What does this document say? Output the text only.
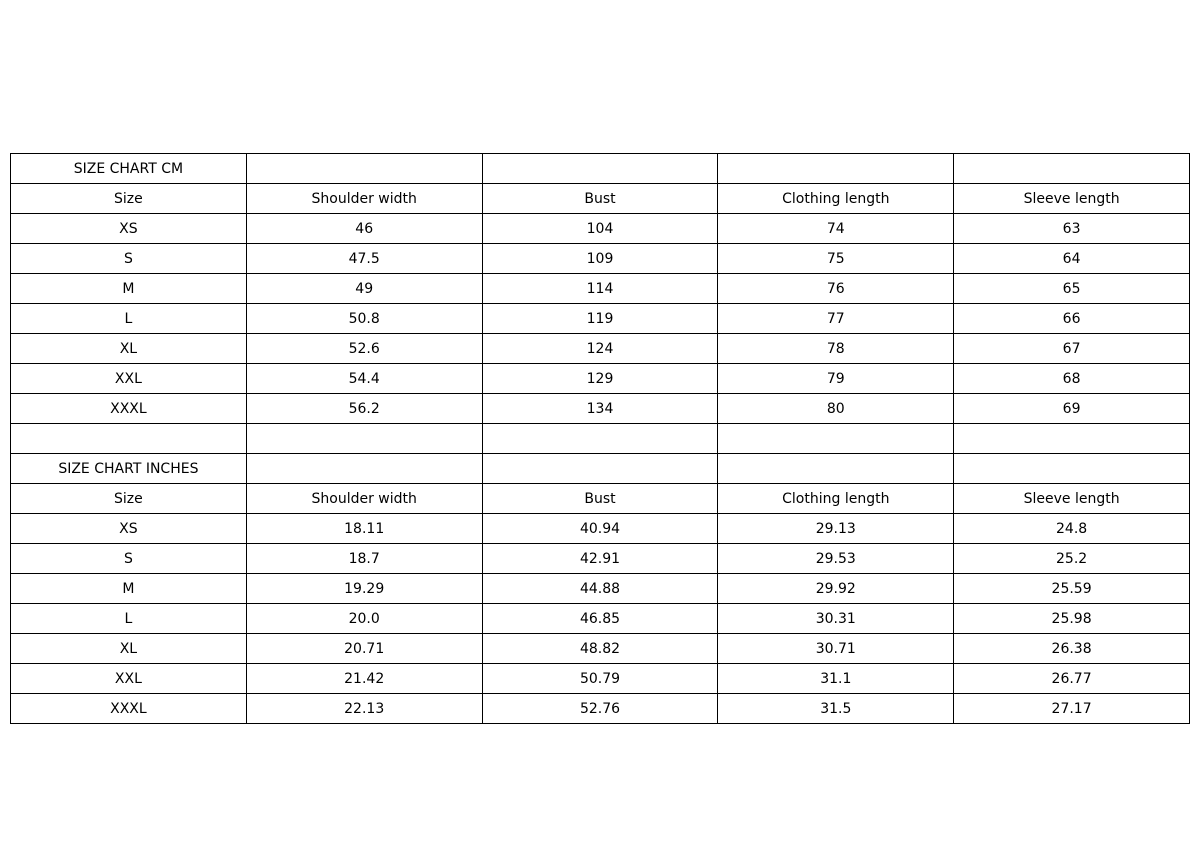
SIZE CHART CM				
Size	Shoulder width	Bust	Clothing length	Sleeve length
XS	46	104	74	63
S	47.5	109	75	64
M	49	114	76	65
L	50.8	119	77	66
XL	52.6	124	78	67
XXL	54.4	129	79	68
XXXL	56.2	134	80	69

SIZE CHART INCHES				
Size	Shoulder width	Bust	Clothing length	Sleeve length
XS	18.11	40.94	29.13	24.8
S	18.7	42.91	29.53	25.2
M	19.29	44.88	29.92	25.59
L	20.0	46.85	30.31	25.98
XL	20.71	48.82	30.71	26.38
XXL	21.42	50.79	31.1	26.77
XXXL	22.13	52.76	31.5	27.17
